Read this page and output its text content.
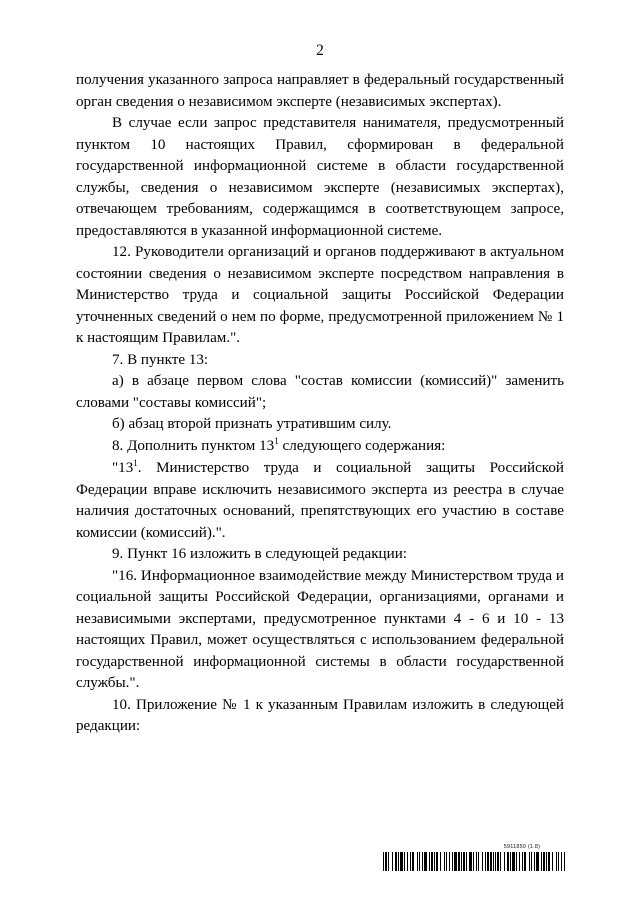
2

получения указанного запроса направляет в федеральный государственный орган сведения о независимом эксперте (независимых экспертах).

В случае если запрос представителя нанимателя, предусмотренный пунктом 10 настоящих Правил, сформирован в федеральной государственной информационной системе в области государственной службы, сведения о независимом эксперте (независимых экспертах), отвечающем требованиям, содержащимся в соответствующем запросе, предоставляются в указанной информационной системе.

12. Руководители организаций и органов поддерживают в актуальном состоянии сведения о независимом эксперте посредством направления в Министерство труда и социальной защиты Российской Федерации уточненных сведений о нем по форме, предусмотренной приложением № 1 к настоящим Правилам.".

7. В пункте 13:

а) в абзаце первом слова "состав комиссии (комиссий)" заменить словами "составы комиссий";

б) абзац второй признать утратившим силу.

8. Дополнить пунктом $13^1$ следующего содержания:

"$13^1$. Министерство труда и социальной защиты Российской Федерации вправе исключить независимого эксперта из реестра в случае наличия достаточных оснований, препятствующих его участию в составе комиссии (комиссий).".

9. Пункт 16 изложить в следующей редакции:

"16. Информационное взаимодействие между Министерством труда и социальной защиты Российской Федерации, организациями, органами и независимыми экспертами, предусмотренное пунктами 4 - 6 и 10 - 13 настоящих Правил, может осуществляться с использованием федеральной государственной информационной системы в области государственной службы.".

10. Приложение № 1 к указанным Правилам изложить в следующей редакции:

5911850 (1.8)
